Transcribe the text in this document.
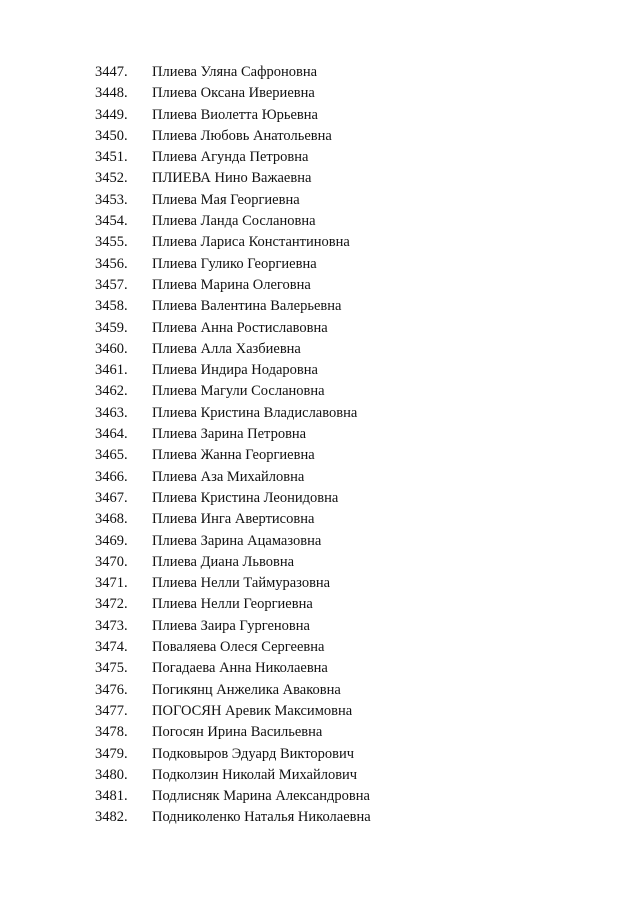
3447.	Плиева Уляна Сафроновна
3448.	Плиева Оксана Ивериевна
3449.	Плиева Виолетта Юрьевна
3450.	Плиева Любовь Анатольевна
3451.	Плиева Агунда Петровна
3452.	ПЛИЕВА Нино Важаевна
3453.	Плиева Мая Георгиевна
3454.	Плиева Ланда Сослановна
3455.	Плиева Лариса Константиновна
3456.	Плиева Гулико Георгиевна
3457.	Плиева Марина Олеговна
3458.	Плиева Валентина Валерьевна
3459.	Плиева Анна Ростиславовна
3460.	Плиева Алла Хазбиевна
3461.	Плиева Индира Нодаровна
3462.	Плиева Магули Сослановна
3463.	Плиева Кристина Владиславовна
3464.	Плиева Зарина Петровна
3465.	Плиева Жанна Георгиевна
3466.	Плиева Аза Михайловна
3467.	Плиева Кристина Леонидовна
3468.	Плиева Инга Авертисовна
3469.	Плиева Зарина Ацамазовна
3470.	Плиева Диана Львовна
3471.	Плиева Нелли Таймуразовна
3472.	Плиева Нелли Георгиевна
3473.	Плиева Заира Гургеновна
3474.	Поваляева Олеся Сергеевна
3475.	Погадаева Анна Николаевна
3476.	Погикянц Анжелика Аваковна
3477.	ПОГОСЯН Аревик Максимовна
3478.	Погосян Ирина Васильевна
3479.	Подковыров Эдуард Викторович
3480.	Подколзин Николай Михайлович
3481.	Подлисняк Марина Александровна
3482.	Подниколенко Наталья Николаевна
